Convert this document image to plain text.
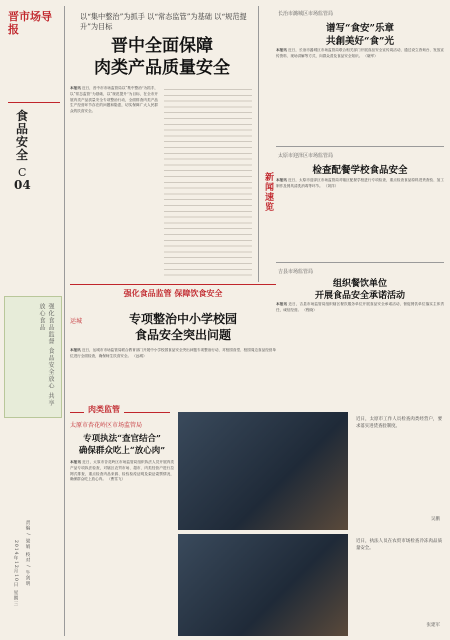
晋市场导报
食品安全
C
04
强化食品监督 食品安全放心 共享放心食品
2014年12月10日 星期三 责编 / 梁娟 校对 / 牛剑明
以“集中整治”为抓手 以“常态监管”为基础 以“规范提升”为目标
晋中全面保障
肉类产品质量安全
本报讯 近日，晋中市市场监管局以“集中整治”为抓手，以“常态监管”为基础，以“规范提升”为目标，在全市开展肉类产品质量安全专项整治行动，全面排查肉类产品生产经营环节存在的问题和隐患，切实保障广大人民群众的饮食安全。
新闻速览
长治市潞城区市场监管局
谱写“食安”乐章
共創美好“食”光
本报讯 近日，长治市潞城区市场监管局联合相关部门开展食品安全宣传周活动，通过设立咨询台、发放宣传资料、现场讲解等方式，向群众普及食品安全知识。 （晓军）
太原市迎泽区市场监管局
检查配餐学校食品安全
本报讯 近日，太原市迎泽区市场监管局对辖区配餐学校进行专项检查，重点检查食品原料进货查验、加工制作及餐具清洗消毒等环节。 （刘洋）
吉县市场监管局
组织餐饮单位
开展食品安全承诺活动
本报讯 近日，吉县市场监管局组织辖区餐饮服务单位开展食品安全承诺活动，督促餐饮单位落实主体责任，诚信经营。 （程晓）
强化食品监管 保障饮食安全
运城	专项整治中小学校园
食品安全突出问题
本报讯 近日，运城市市场监管局联合教育部门开展中小学校园食品安全突出问题专项整治行动，对校园食堂、校园周边食品经营单位进行全面检查，确保师生饮食安全。 （远城）
肉类监管
太原市杏花岭区市场监管局
专项执法“查官结合”
确保群众吃上“放心肉”
本报讯 近日，太原市杏花岭区市场监管局组织执法人员开展肉类产品专项执法检查，对辖区农贸市场、超市、肉类经营户进行拉网式排查，重点检查肉品来源、检验检疫证明及索证索票情况，确保群众吃上放心肉。 （曹雪飞）
近日，太原市工作人员检查肉类经营户，要求落实进货查验制度。
吴鹏
近日，执法人员在农贸市场检查冷冻肉品质量安全。
张建军
